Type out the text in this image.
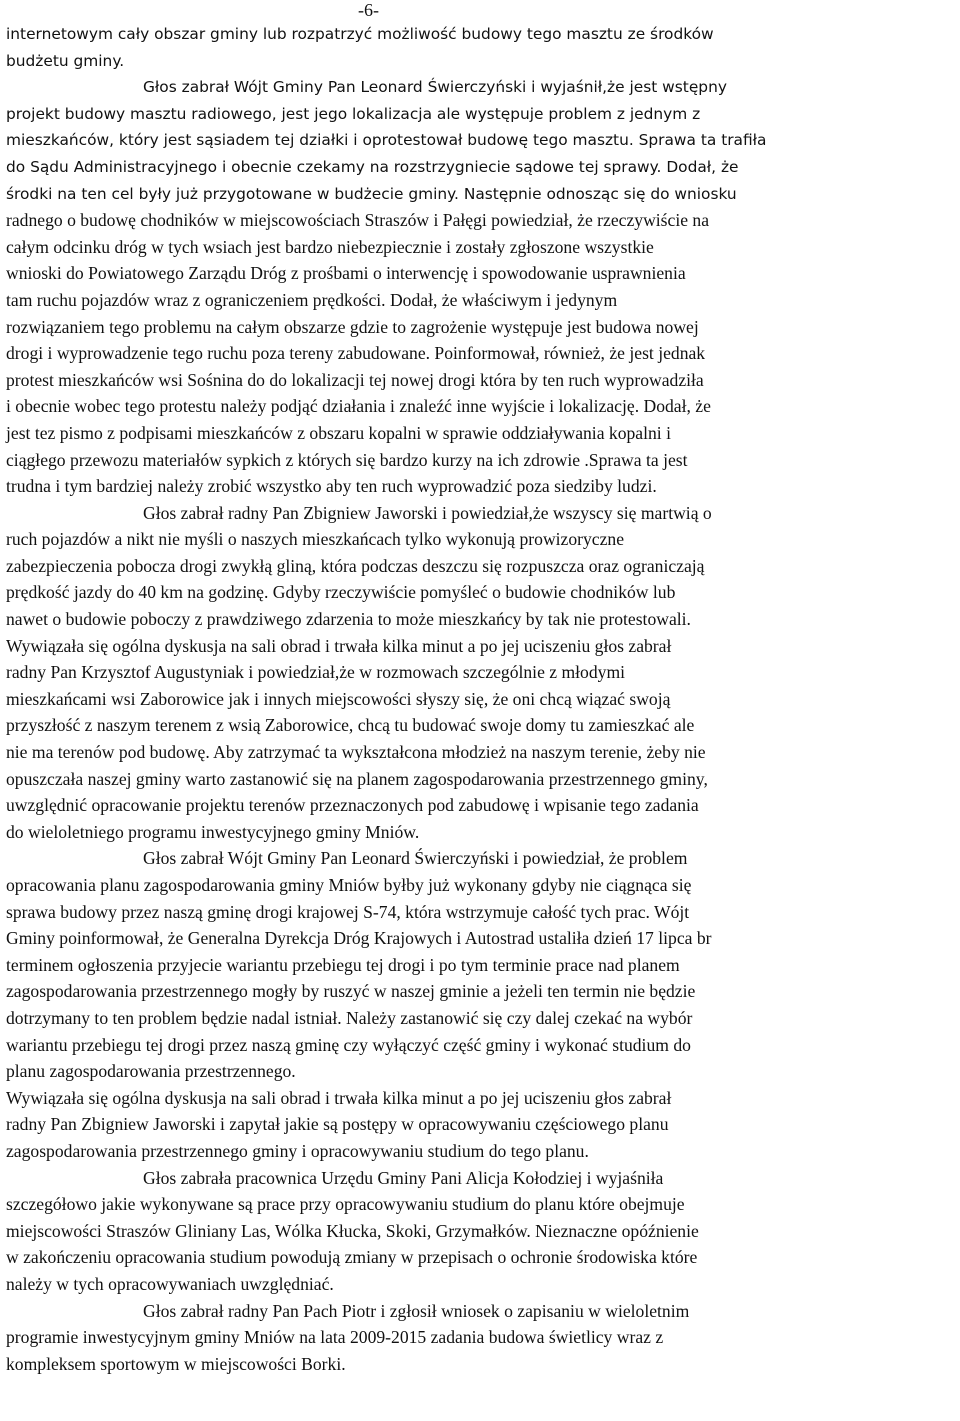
-6-
internetowym cały obszar gminy lub rozpatrzyć możliwość budowy tego masztu ze środków
budżetu gminy.
Głos zabrał Wójt Gminy Pan Leonard Świerczyński i wyjaśnił,że jest wstępny
projekt budowy masztu radiowego, jest jego lokalizacja ale występuje problem z jednym z
mieszkańców, który jest sąsiadem tej działki i oprotestował budowę tego masztu. Sprawa ta trafiła
do Sądu Administracyjnego i obecnie czekamy na rozstrzygniecie sądowe tej sprawy. Dodał, że
środki na ten cel były już przygotowane w budżecie gminy. Następnie odnosząc się do wniosku
radnego o budowę chodników w miejscowościach Straszów i Pałęgi powiedział, że rzeczywiście na
całym odcinku dróg w tych wsiach jest bardzo niebezpiecznie i zostały zgłoszone wszystkie
wnioski do Powiatowego Zarządu Dróg z prośbami o interwencję i spowodowanie usprawnienia
tam ruchu pojazdów wraz z ograniczeniem prędkości. Dodał, że właściwym i jedynym
rozwiązaniem tego problemu na całym obszarze gdzie to zagrożenie występuje jest budowa nowej
drogi i wyprowadzenie tego ruchu poza tereny zabudowane. Poinformował, również, że jest jednak
protest mieszkańców wsi Sośnina do do lokalizacji tej nowej drogi która by ten ruch wyprowadziła
i obecnie wobec tego protestu należy podjąć działania i znaleźć inne wyjście i lokalizację. Dodał, że
jest tez pismo z podpisami mieszkańców z obszaru kopalni w sprawie oddziaływania kopalni i
ciągłego przewozu materiałów sypkich z których się bardzo kurzy na ich zdrowie .Sprawa ta jest
trudna i tym bardziej należy zrobić wszystko aby ten ruch wyprowadzić poza siedziby ludzi.
Głos zabrał radny Pan Zbigniew Jaworski i powiedział,że wszyscy się martwią o
ruch pojazdów a nikt nie myśli o naszych mieszkańcach tylko wykonują prowizoryczne
zabezpieczenia pobocza drogi zwykłą gliną, która podczas deszczu się rozpuszcza oraz ograniczają
prędkość jazdy do 40 km na godzinę. Gdyby rzeczywiście pomyśleć o budowie chodników lub
nawet o budowie poboczy z prawdziwego zdarzenia to może mieszkańcy by tak nie protestowali.
Wywiązała się ogólna dyskusja na sali obrad i trwała kilka minut a po jej uciszeniu głos zabrał
radny Pan Krzysztof Augustyniak i powiedział,że w rozmowach szczególnie z młodymi
mieszkańcami wsi Zaborowice jak i innych miejscowości słyszy się, że oni chcą wiązać swoją
przyszłość z naszym terenem z wsią Zaborowice, chcą tu budować swoje domy tu zamieszkać ale
nie ma terenów pod budowę. Aby zatrzymać ta wykształcona młodzież na naszym terenie, żeby nie
opuszczała naszej gminy warto zastanowić się na planem zagospodarowania przestrzennego gminy,
uwzględnić opracowanie projektu terenów przeznaczonych pod zabudowę i wpisanie tego zadania
do wieloletniego programu inwestycyjnego gminy Mniów.
Głos zabrał Wójt Gminy Pan Leonard Świerczyński i powiedział, że problem
opracowania planu zagospodarowania gminy Mniów byłby już wykonany gdyby nie ciągnąca się
sprawa budowy przez naszą gminę drogi krajowej S-74, która wstrzymuje całość tych prac. Wójt
Gminy poinformował, że Generalna Dyrekcja Dróg Krajowych i Autostrad ustaliła dzień 17 lipca br
terminem ogłoszenia przyjecie wariantu przebiegu tej drogi i po tym terminie prace nad planem
zagospodarowania przestrzennego mogły by ruszyć w naszej gminie a jeżeli ten termin nie będzie
dotrzymany to ten problem będzie nadal istniał. Należy zastanowić się czy dalej czekać na wybór
wariantu przebiegu tej drogi przez naszą gminę czy wyłączyć część gminy i wykonać studium do
planu zagospodarowania przestrzennego.
Wywiązała się ogólna dyskusja na sali obrad i trwała kilka minut a po jej uciszeniu głos zabrał
radny Pan Zbigniew Jaworski i zapytał jakie są postępy w opracowywaniu częściowego planu
zagospodarowania przestrzennego gminy i opracowywaniu studium do tego planu.
Głos zabrała pracownica Urzędu Gminy Pani Alicja Kołodziej i wyjaśniła
szczegółowo jakie wykonywane są prace przy opracowywaniu studium do planu które obejmuje
miejscowości Straszów Gliniany Las, Wólka Kłucka, Skoki, Grzymałków. Nieznaczne opóźnienie
w zakończeniu opracowania studium powodują zmiany w przepisach o ochronie środowiska które
należy w tych opracowywaniach uwzględniać.
Głos zabrał radny Pan Pach Piotr i zgłosił wniosek o zapisaniu w wieloletnim
programie inwestycyjnym gminy Mniów na lata 2009-2015 zadania budowa świetlicy wraz z
kompleksem sportowym w miejscowości Borki.
